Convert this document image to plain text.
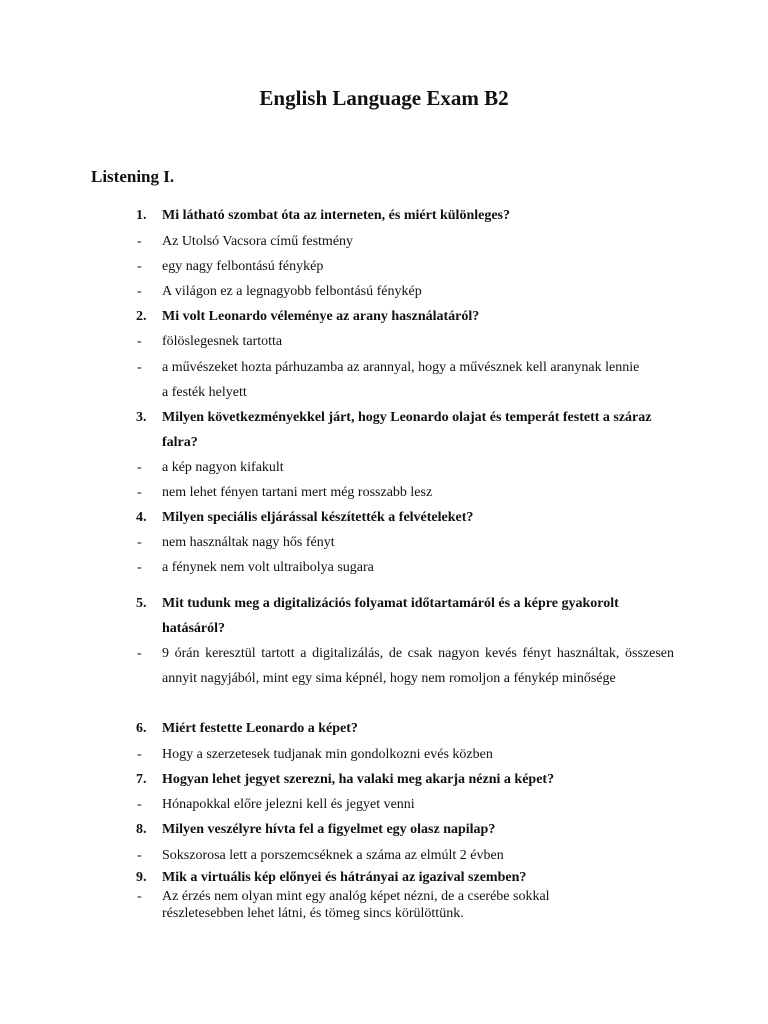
English Language Exam B2
Listening I.
1. Mi látható szombat óta az interneten, és miért különleges?
- Az Utolsó Vacsora című festmény
- egy nagy felbontású fénykép
- A világon ez a legnagyobb felbontású fénykép
2. Mi volt Leonardo véleménye az arany használatáról?
- fölöslegesnek tartotta
- a művészeket hozta párhuzamba az arannyal, hogy a művésznek kell aranynak lennie a festék helyett
3. Milyen következményekkel járt, hogy Leonardo olajat és temperát festett a száraz falra?
- a kép nagyon kifakult
- nem lehet fényen tartani mert még rosszabb lesz
4. Milyen speciális eljárással készítették a felvételeket?
- nem használtak nagy hős fényt
- a fénynek nem volt ultraibolya sugara
5. Mit tudunk meg a digitalizációs folyamat időtartamáról és a képre gyakorolt hatásáról?
- 9 órán keresztül tartott a digitalizálás, de csak nagyon kevés fényt használtak, összesen annyit nagyjából, mint egy sima képnél, hogy nem romoljon a fénykép minősége
6. Miért festette Leonardo a képet?
- Hogy a szerzetesek tudjanak min gondolkozni evés közben
7. Hogyan lehet jegyet szerezni, ha valaki meg akarja nézni a képet?
- Hónapokkal előre jelezni kell és jegyet venni
8. Milyen veszélyre hívta fel a figyelmet egy olasz napilap?
- Sokszorosa lett a porszemcséknek a száma az elmúlt 2 évben
9. Mik a virtuális kép előnyei és hátrányai az igazival szemben?
- Az érzés nem olyan mint egy analóg képet nézni, de a cserébe sokkal részletesebben lehet látni, és tömeg sincs körülöttünk.
